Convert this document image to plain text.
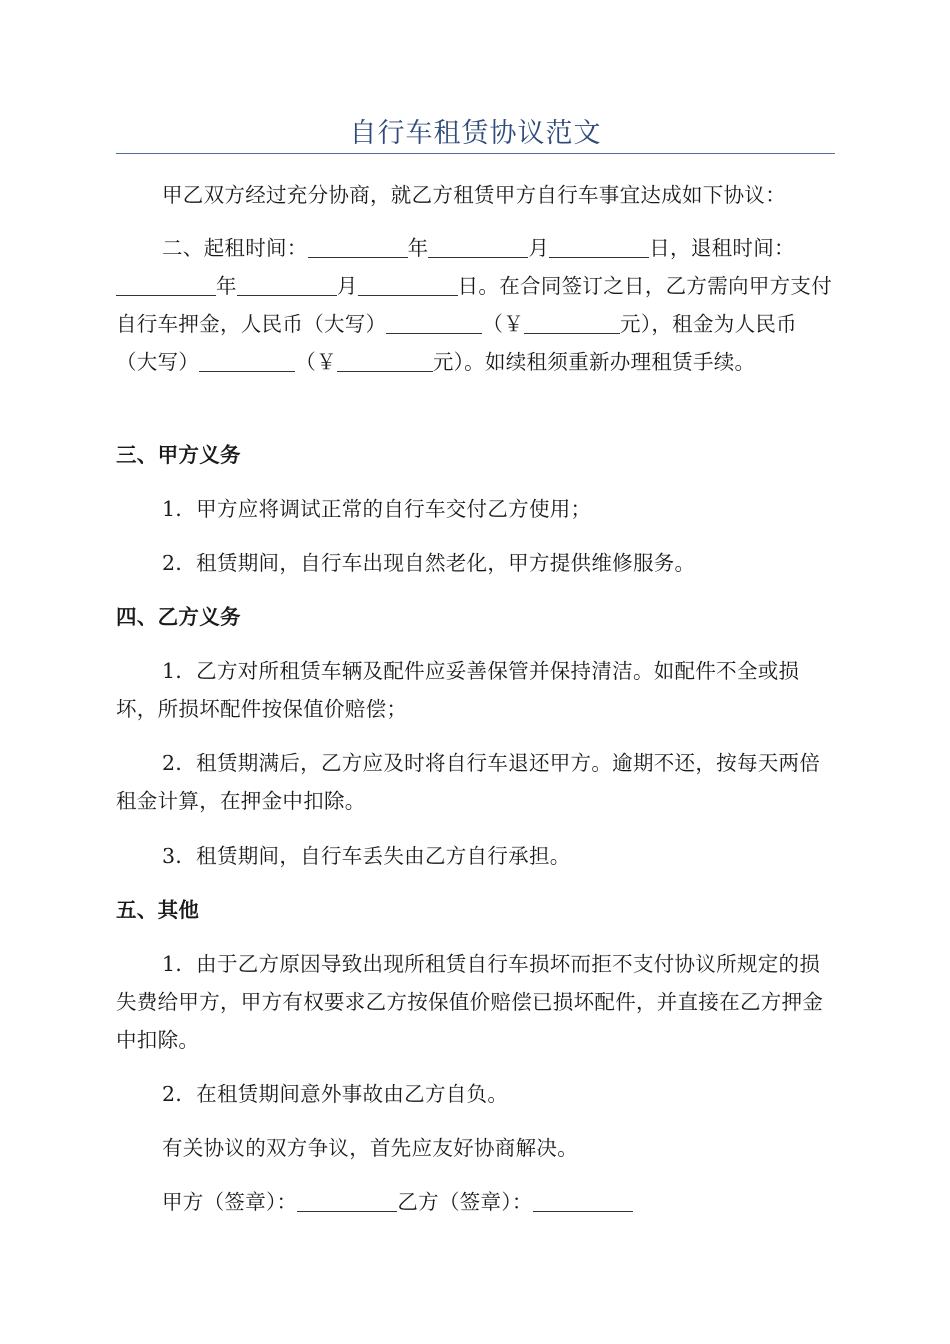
自行车租赁协议范文

甲乙双方经过充分协商，就乙方租赁甲方自行车事宜达成如下协议：

二、起租时间：	年	月	日，退租时间：年	月	日。在合同签订之日，乙方需向甲方支付自行车押金，人民币（大写）	（￥	元），租金为人民币（大写）	（￥	元）。如续租须重新办理租赁手续。

三、甲方义务

1．甲方应将调试正常的自行车交付乙方使用；

2．租赁期间，自行车出现自然老化，甲方提供维修服务。

四、乙方义务

1．乙方对所租赁车辆及配件应妥善保管并保持清洁。如配件不全或损坏，所损坏配件按保值价赔偿；

2．租赁期满后，乙方应及时将自行车退还甲方。逾期不还，按每天两倍租金计算，在押金中扣除。

3．租赁期间，自行车丢失由乙方自行承担。

五、其他

1．由于乙方原因导致出现所租赁自行车损坏而拒不支付协议所规定的损失费给甲方，甲方有权要求乙方按保值价赔偿已损坏配件，并直接在乙方押金中扣除。

2．在租赁期间意外事故由乙方自负。

有关协议的双方争议，首先应友好协商解决。

甲方（签章）：	乙方（签章）：
